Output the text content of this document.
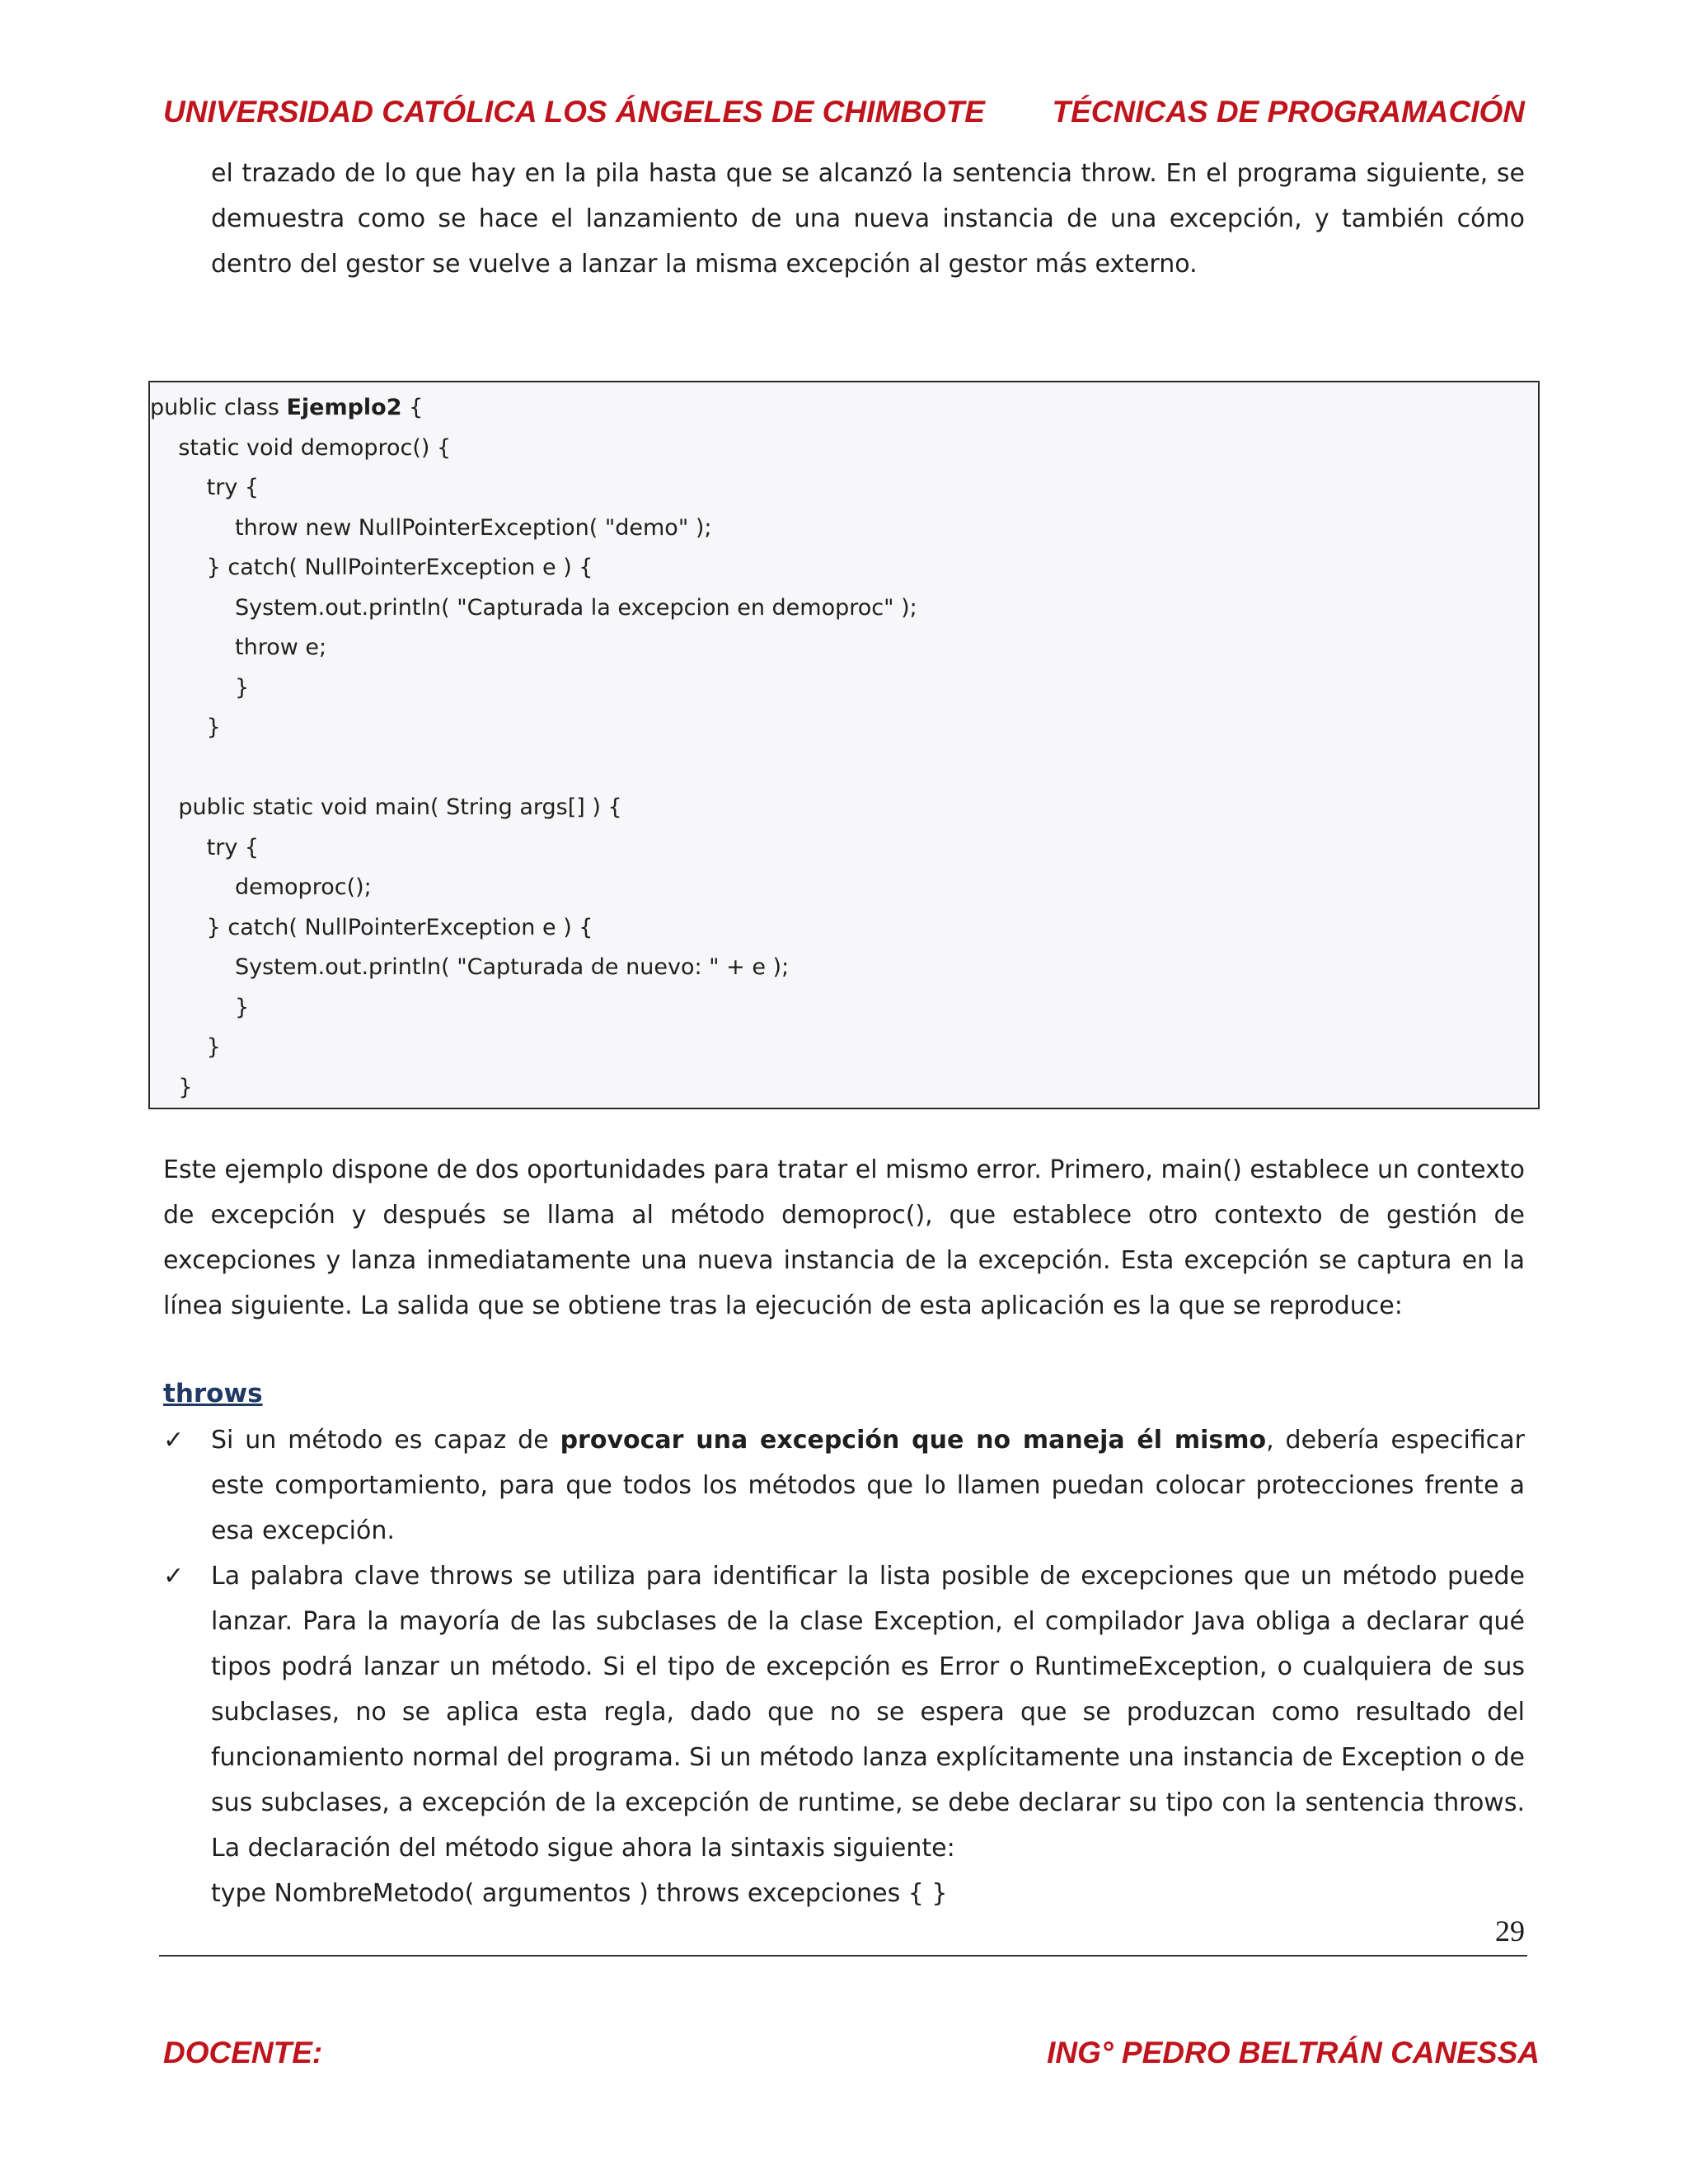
UNIVERSIDAD CATÓLICA LOS ÁNGELES DE CHIMBOTE TÉCNICAS DE PROGRAMACIÓN

el trazado de lo que hay en la pila hasta que se alcanzó la sentencia throw. En el programa siguiente, se demuestra como se hace el lanzamiento de una nueva instancia de una excepción, y también cómo dentro del gestor se vuelve a lanzar la misma excepción al gestor más externo.

public class Ejemplo2 {
static void demoproc() {
try {
throw new NullPointerException( "demo" );
} catch( NullPointerException e ) {
System.out.println( "Capturada la excepcion en demoproc" );
throw e;
}
}
public static void main( String args[] ) {
try {
demoproc();
} catch( NullPointerException e ) {
System.out.println( "Capturada de nuevo: " + e );
}
}
}

Este ejemplo dispone de dos oportunidades para tratar el mismo error. Primero, main() establece un contexto de excepción y después se llama al método demoproc(), que establece otro contexto de gestión de excepciones y lanza inmediatamente una nueva instancia de la excepción. Esta excepción se captura en la línea siguiente. La salida que se obtiene tras la ejecución de esta aplicación es la que se reproduce:

throws
✓	Si un método es capaz de provocar una excepción que no maneja él mismo, debería especificar este comportamiento, para que todos los métodos que lo llamen puedan colocar protecciones frente a esa excepción.

✓	La palabra clave throws se utiliza para identificar la lista posible de excepciones que un método puede lanzar. Para la mayoría de las subclases de la clase Exception, el compilador Java obliga a declarar qué tipos podrá lanzar un método. Si el tipo de excepción es Error o RuntimeException, o cualquiera de sus subclases, no se aplica esta regla, dado que no se espera que se produzcan como resultado del funcionamiento normal del programa. Si un método lanza explícitamente una instancia de Exception o de sus subclases, a excepción de la excepción de runtime, se debe declarar su tipo con la sentencia throws. La declaración del método sigue ahora la sintaxis siguiente:

type NombreMetodo( argumentos ) throws excepciones { }

29
DOCENTE:	ING° PEDRO BELTRÁN CANESSA
